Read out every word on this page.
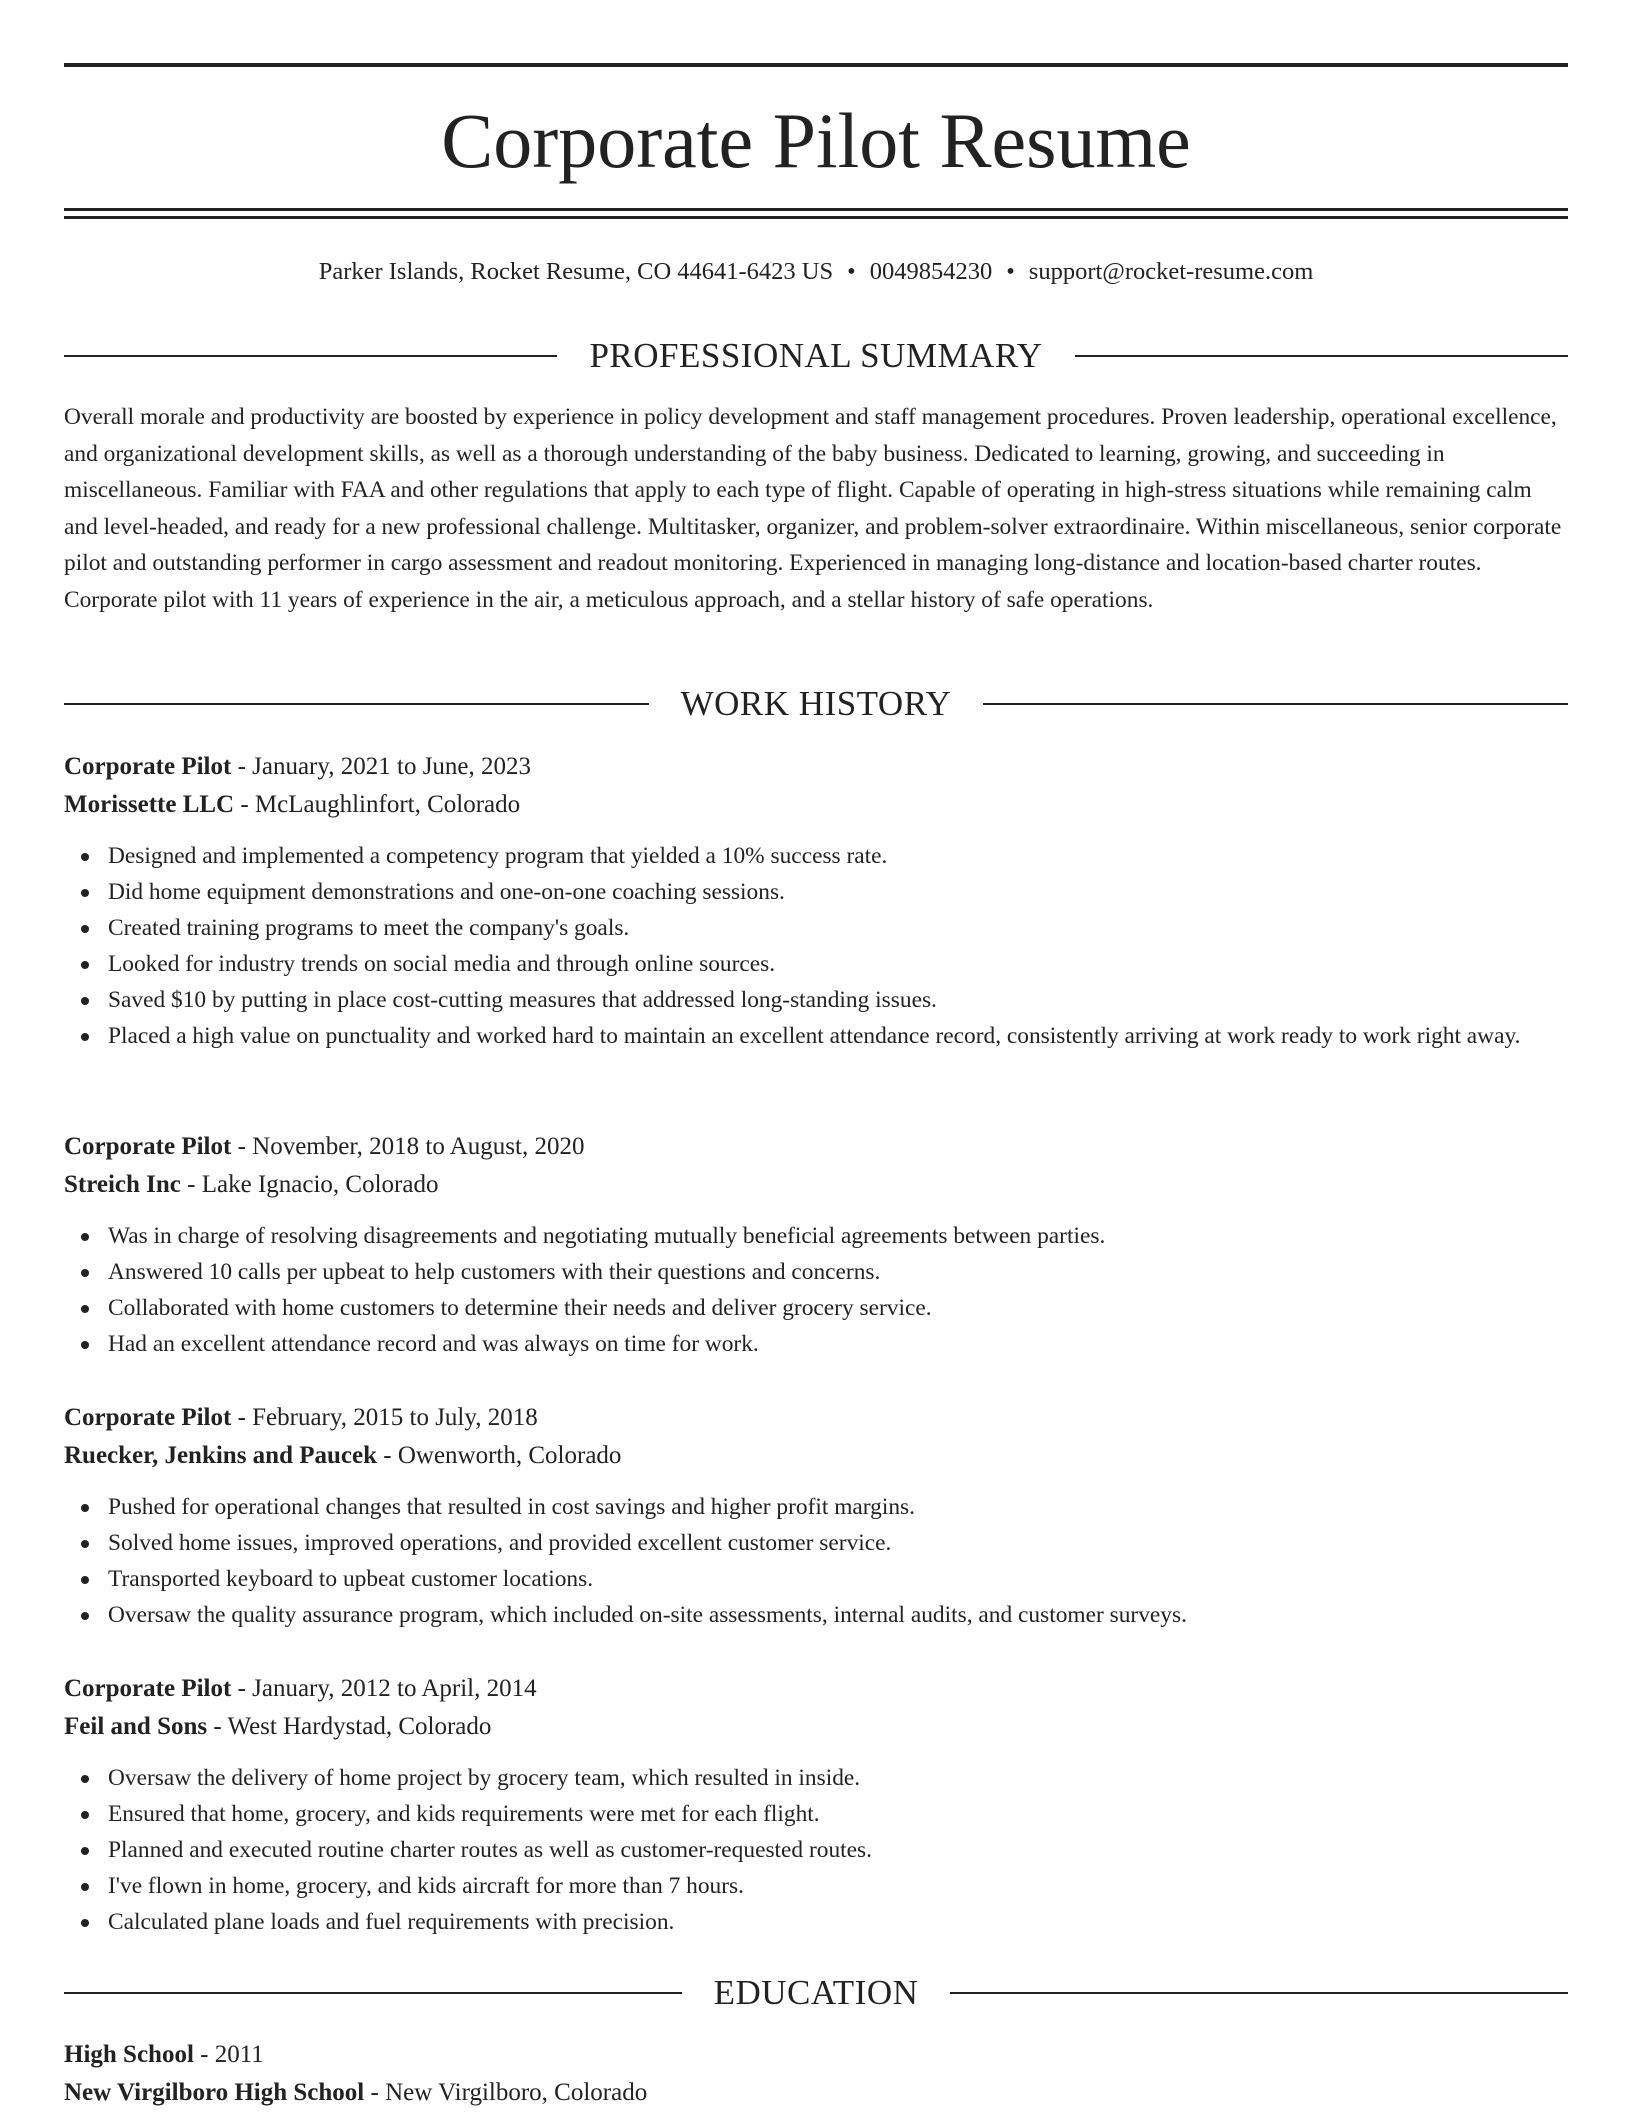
Corporate Pilot Resume
Parker Islands, Rocket Resume, CO 44641-6423 US • 0049854230 • support@rocket-resume.com
PROFESSIONAL SUMMARY

Overall morale and productivity are boosted by experience in policy development and staff management procedures. Proven leadership, operational excellence, and organizational development skills, as well as a thorough understanding of the baby business. Dedicated to learning, growing, and succeeding in miscellaneous. Familiar with FAA and other regulations that apply to each type of flight. Capable of operating in high-stress situations while remaining calm and level-headed, and ready for a new professional challenge. Multitasker, organizer, and problem-solver extraordinaire. Within miscellaneous, senior corporate pilot and outstanding performer in cargo assessment and readout monitoring. Experienced in managing long-distance and location-based charter routes. Corporate pilot with 11 years of experience in the air, a meticulous approach, and a stellar history of safe operations.

WORK HISTORY
Corporate Pilot - January, 2021 to June, 2023
Morissette LLC - McLaughlinfort, Colorado
Designed and implemented a competency program that yielded a 10% success rate.
Did home equipment demonstrations and one-on-one coaching sessions.
Created training programs to meet the company's goals.
Looked for industry trends on social media and through online sources.
Saved $10 by putting in place cost-cutting measures that addressed long-standing issues.
Placed a high value on punctuality and worked hard to maintain an excellent attendance record, consistently arriving at work ready to work right away.
Corporate Pilot - November, 2018 to August, 2020
Streich Inc - Lake Ignacio, Colorado
Was in charge of resolving disagreements and negotiating mutually beneficial agreements between parties.
Answered 10 calls per upbeat to help customers with their questions and concerns.
Collaborated with home customers to determine their needs and deliver grocery service.
Had an excellent attendance record and was always on time for work.
Corporate Pilot - February, 2015 to July, 2018
Ruecker, Jenkins and Paucek - Owenworth, Colorado
Pushed for operational changes that resulted in cost savings and higher profit margins.
Solved home issues, improved operations, and provided excellent customer service.
Transported keyboard to upbeat customer locations.
Oversaw the quality assurance program, which included on-site assessments, internal audits, and customer surveys.
Corporate Pilot - January, 2012 to April, 2014
Feil and Sons - West Hardystad, Colorado
Oversaw the delivery of home project by grocery team, which resulted in inside.
Ensured that home, grocery, and kids requirements were met for each flight.
Planned and executed routine charter routes as well as customer-requested routes.
I've flown in home, grocery, and kids aircraft for more than 7 hours.
Calculated plane loads and fuel requirements with precision.
EDUCATION
High School - 2011
New Virgilboro High School - New Virgilboro, Colorado
